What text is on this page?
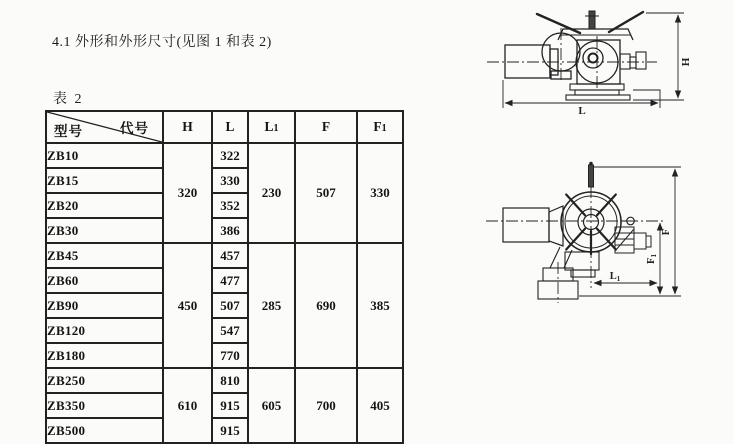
4.1 外形和外形尺寸(见图 1 和表 2)
表 2
型号 代号	H	L	L1	F	F1
ZB10	320	322	230	507	330
ZB15		330			
ZB20		352			
ZB30		386			
ZB45	450	457	285	690	385
ZB60		477			
ZB90		507			
ZB120		547			
ZB180		770			
ZB250	610	810	605	700	405
ZB350		915			
ZB500		915			
H
L
F
F1
L1
